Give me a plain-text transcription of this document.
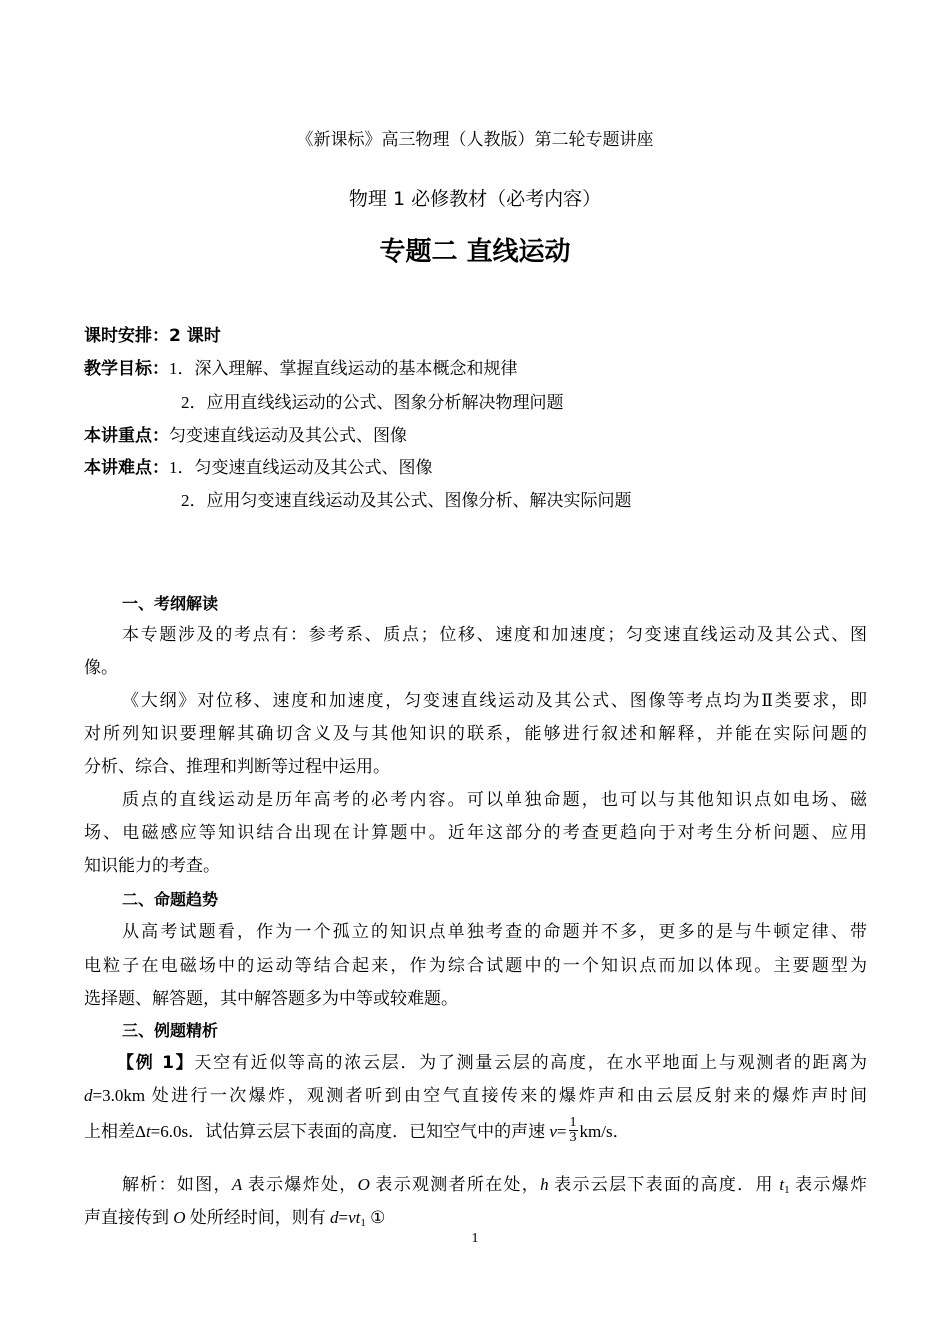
《新课标》高三物理（人教版）第二轮专题讲座
物理 1 必修教材（必考内容）
专题二 直线运动
课时安排：2 课时
教学目标：1．深入理解、掌握直线运动的基本概念和规律
2．应用直线线运动的公式、图象分析解决物理问题
本讲重点：匀变速直线运动及其公式、图像
本讲难点：1．匀变速直线运动及其公式、图像
2．应用匀变速直线运动及其公式、图像分析、解决实际问题
一、考纲解读
本专题涉及的考点有：参考系、质点；位移、速度和加速度；匀变速直线运动及其公式、图
像。
《大纲》对位移、速度和加速度，匀变速直线运动及其公式、图像等考点均为Ⅱ类要求，即
对所列知识要理解其确切含义及与其他知识的联系，能够进行叙述和解释，并能在实际问题的
分析、综合、推理和判断等过程中运用。
质点的直线运动是历年高考的必考内容。可以单独命题，也可以与其他知识点如电场、磁
场、电磁感应等知识结合出现在计算题中。近年这部分的考查更趋向于对考生分析问题、应用
知识能力的考查。
二、命题趋势
从高考试题看，作为一个孤立的知识点单独考查的命题并不多，更多的是与牛顿定律、带
电粒子在电磁场中的运动等结合起来，作为综合试题中的一个知识点而加以体现。主要题型为
选择题、解答题，其中解答题多为中等或较难题。
三、例题精析
【例 1】天空有近似等高的浓云层．为了测量云层的高度，在水平地面上与观测者的距离为
d=3.0km 处进行一次爆炸，观测者听到由空气直接传来的爆炸声和由云层反射来的爆炸声时间
上相差Δt=6.0s．试估算云层下表面的高度．已知空气中的声速 $v= \frac{1}{3} km/s$．
解析：如图，A 表示爆炸处，O 表示观测者所在处，h 表示云层下表面的高度．用 $t_1$ 表示爆炸
声直接传到 O 处所经时间，则有 $d=vt_1$ ①
1
